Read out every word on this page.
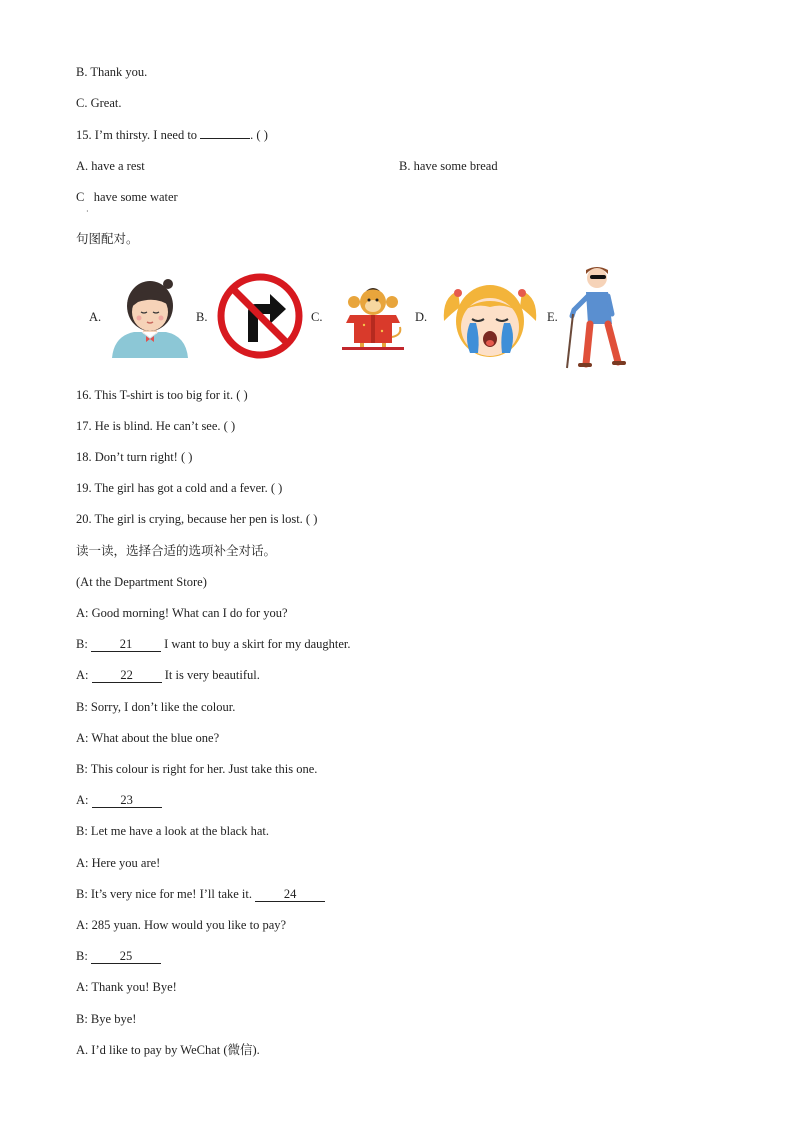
B. Thank you.
C. Great.
15. I’m thirsty. I need to	. ( )
A. have a rest	B. have some bread
C have some water
·
句图配对。
A.	B.	C.	D.	E.
16. This T-shirt is too big for it. ( )
17. He is blind. He can’t see. ( )
18. Don’t turn right! ( )
19. The girl has got a cold and a fever. ( )
20. The girl is crying, because her pen is lost. ( )
读一读，选择合适的选项补全对话。
(At the Department Store)
A: Good morning! What can I do for you?
B: 21 I want to buy a skirt for my daughter.
A: 22 It is very beautiful.
B: Sorry, I don’t like the colour.
A: What about the blue one?
B: This colour is right for her. Just take this one.
A: 23
B: Let me have a look at the black hat.
A: Here you are!
B: It’s very nice for me! I’ll take it. 24
A: 285 yuan. How would you like to pay?
B: 25
A: Thank you! Bye!
B: Bye bye!
A. I’d like to pay by WeChat (微信).
